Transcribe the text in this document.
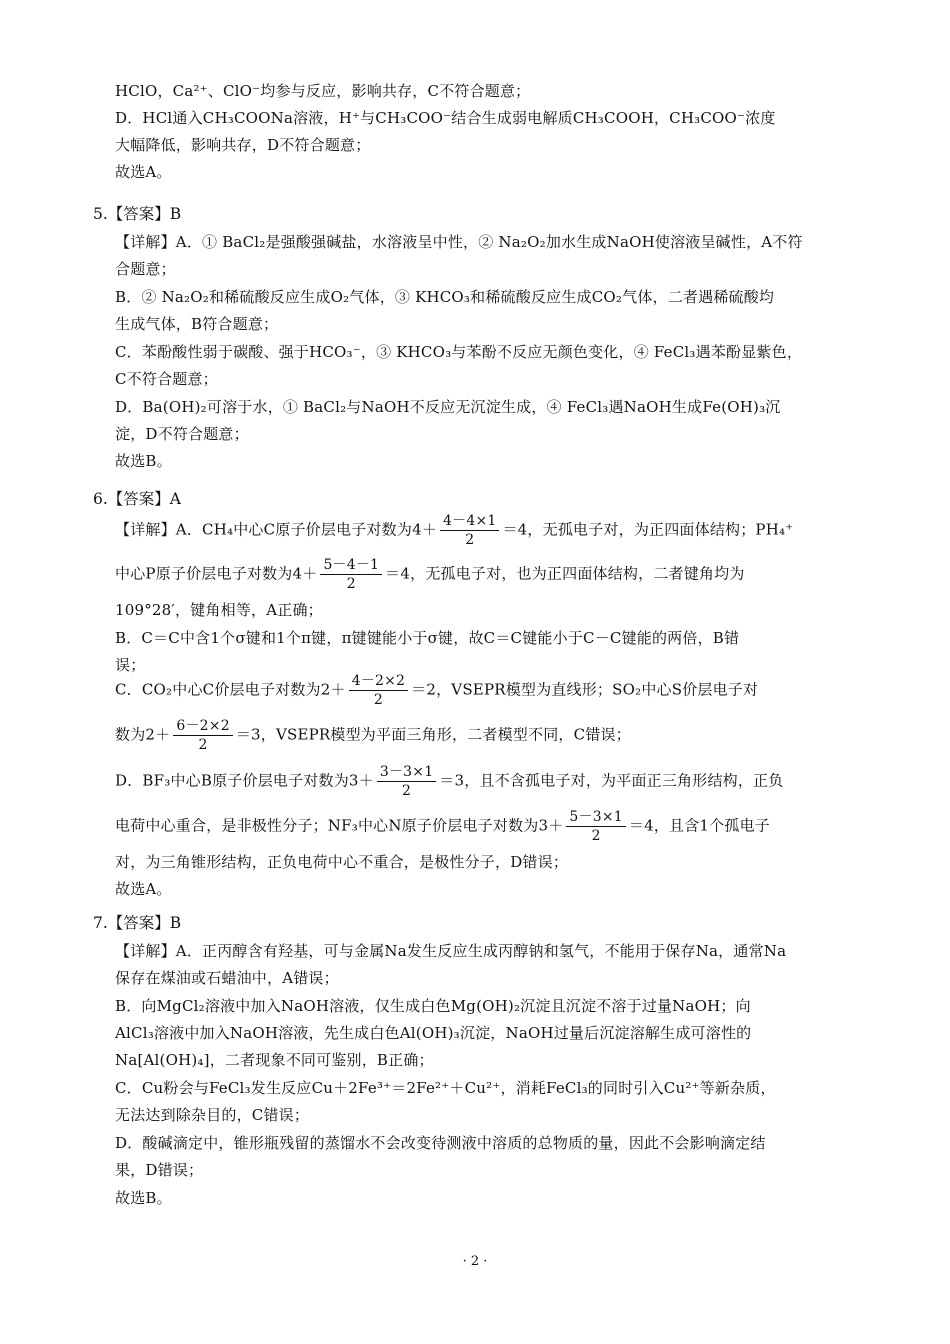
HClO，Ca²⁺、ClO⁻均参与反应，影响共存，C不符合题意；
D．HCl通入CH₃COONa溶液，H⁺与CH₃COO⁻结合生成弱电解质CH₃COOH，CH₃COO⁻浓度
大幅降低，影响共存，D不符合题意；
故选A。
5.【答案】B
【详解】A．① BaCl₂是强酸强碱盐，水溶液呈中性，② Na₂O₂加水生成NaOH使溶液呈碱性，A不符
合题意；
B．② Na₂O₂和稀硫酸反应生成O₂气体，③ KHCO₃和稀硫酸反应生成CO₂气体，二者遇稀硫酸均
生成气体，B符合题意；
C．苯酚酸性弱于碳酸、强于HCO₃⁻，③ KHCO₃与苯酚不反应无颜色变化，④ FeCl₃遇苯酚显紫色，
C不符合题意；
D．Ba(OH)₂可溶于水，① BaCl₂与NaOH不反应无沉淀生成，④ FeCl₃遇NaOH生成Fe(OH)₃沉
淀，D不符合题意；
故选B。
6.【答案】A
【详解】A．CH₄中心C原子价层电子对数为$4+ \frac{4-4\times 1}{2} =4$，无孤电子对，为正四面体结构；PH₄⁺
中心P原子价层电子对数为$4+ \frac{5-4-1}{2} =4$，无孤电子对，也为正四面体结构，二者键角均为
109°28′，键角相等，A正确；
B．C＝C中含1个σ键和1个π键，π键键能小于σ键，故C＝C键能小于C－C键能的两倍，B错
误；
C．CO₂中心C价层电子对数为$2+ \frac{4-2\times 2}{2} =2$，VSEPR模型为直线形；SO₂中心S价层电子对
数为$2+ \frac{6-2\times 2}{2} =3$，VSEPR模型为平面三角形，二者模型不同，C错误；
D．BF₃中心B原子价层电子对数为$3+ \frac{3-3\times 1}{2} =3$，且不含孤电子对，为平面正三角形结构，正负
电荷中心重合，是非极性分子；NF₃中心N原子价层电子对数为$3+ \frac{5-3\times 1}{2} =4$，且含1个孤电子
对，为三角锥形结构，正负电荷中心不重合，是极性分子，D错误；
故选A。
7.【答案】B
【详解】A．正丙醇含有羟基，可与金属Na发生反应生成丙醇钠和氢气，不能用于保存Na，通常Na
保存在煤油或石蜡油中，A错误；
B．向MgCl₂溶液中加入NaOH溶液，仅生成白色Mg(OH)₂沉淀且沉淀不溶于过量NaOH；向
AlCl₃溶液中加入NaOH溶液，先生成白色Al(OH)₃沉淀，NaOH过量后沉淀溶解生成可溶性的
Na[Al(OH)₄]，二者现象不同可鉴别，B正确；
C．Cu粉会与FeCl₃发生反应Cu＋2Fe³⁺＝2Fe²⁺＋Cu²⁺，消耗FeCl₃的同时引入Cu²⁺等新杂质，
无法达到除杂目的，C错误；
D．酸碱滴定中，锥形瓶残留的蒸馏水不会改变待测液中溶质的总物质的量，因此不会影响滴定结
果，D错误；
故选B。
· 2 ·
